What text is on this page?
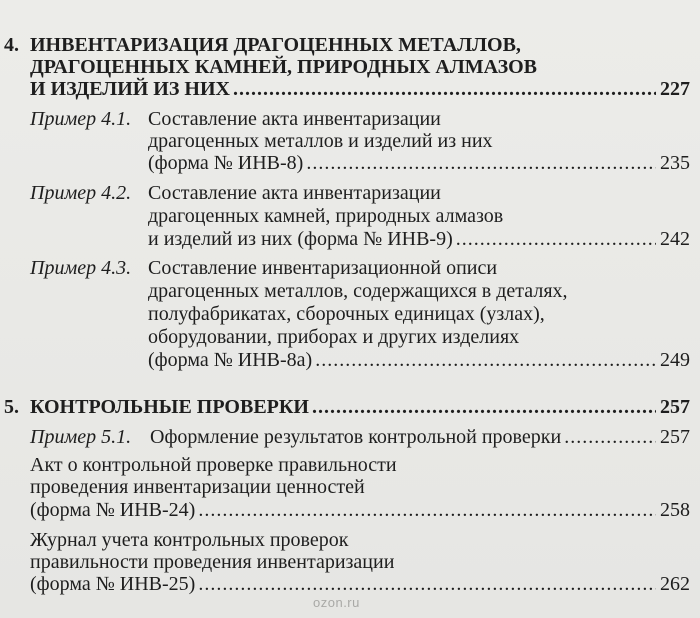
4. ИНВЕНТАРИЗАЦИЯ ДРАГОЦЕННЫХ МЕТАЛЛОВ,
ДРАГОЦЕННЫХ КАМНЕЙ, ПРИРОДНЫХ АЛМАЗОВ
И ИЗДЕЛИЙ ИЗ НИХ .....	227
Пример 4.1. Составление акта инвентаризации
драгоценных металлов и изделий из них
(форма № ИНВ-8) .....	235
Пример 4.2. Составление акта инвентаризации
драгоценных камней, природных алмазов
и изделий из них (форма № ИНВ-9) .....	242
Пример 4.3. Составление инвентаризационной описи
драгоценных металлов, содержащихся в деталях,
полуфабрикатах, сборочных единицах (узлах),
оборудовании, приборах и других изделиях
(форма № ИНВ-8а) .....	249
5. КОНТРОЛЬНЫЕ ПРОВЕРКИ .....	257
Пример 5.1. Оформление результатов контрольной проверки .....	257
Акт о контрольной проверке правильности
проведения инвентаризации ценностей
(форма № ИНВ-24) .....	258
Журнал учета контрольных проверок
правильности проведения инвентаризации
(форма № ИНВ-25) .....	262
ozon.ru
